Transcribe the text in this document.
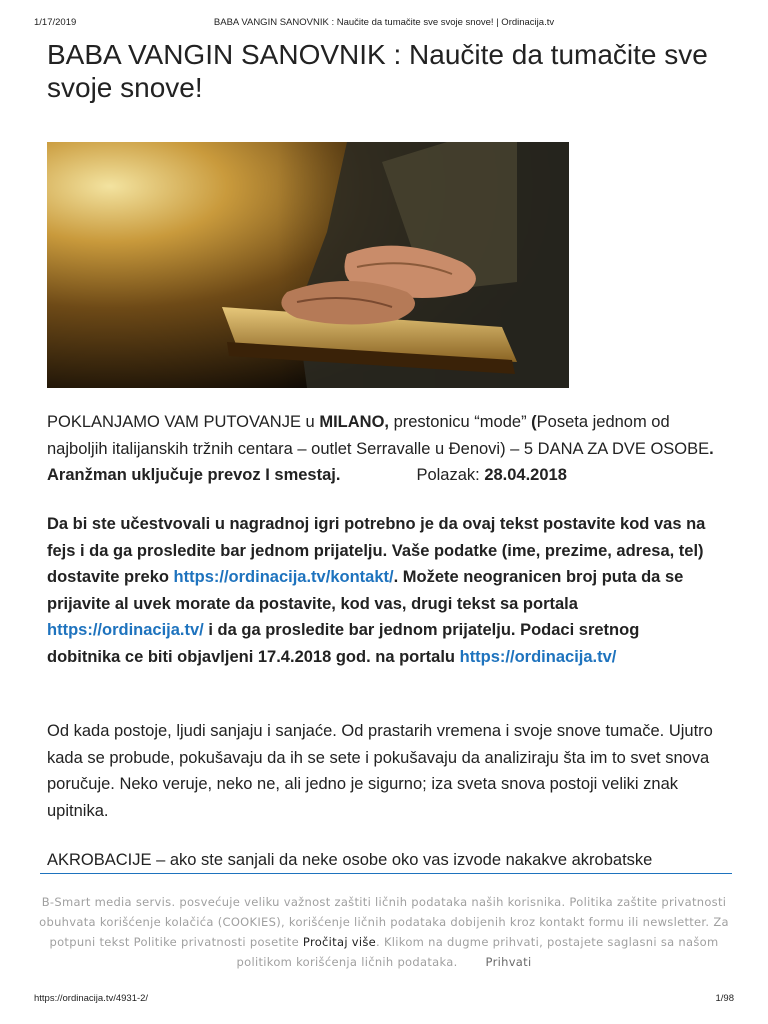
1/17/2019	BABA VANGIN SANOVNIK : Naučite da tumačite sve svoje snove! | Ordinacija.tv
BABA VANGIN SANOVNIK : Naučite da tumačite sve svoje snove!
POKLANJAMO VAM PUTOVANJE u MILANO, prestonicu “mode” (Poseta jednom od najboljih italijanskih tržnih centara – outlet Serravalle u Đenovi) – 5 DANA ZA DVE OSOBE. Aranžman uključuje prevoz I smestaj.	Polazak: 28.04.2018
Da bi ste učestvovali u nagradnoj igri potrebno je da ovaj tekst postavite kod vas na fejs i da ga prosledite bar jednom prijatelju. Vaše podatke (ime, prezime, adresa, tel) dostavite preko https://ordinacija.tv/kontakt/. Možete neogranicen broj puta da se prijavite al uvek morate da postavite, kod vas, drugi tekst sa portala https://ordinacija.tv/ i da ga prosledite bar jednom prijatelju. Podaci sretnog dobitnika ce biti objavljeni 17.4.2018 god. na portalu https://ordinacija.tv/
Od kada postoje, ljudi sanjaju i sanjaće. Od prastarih vremena i svoje snove tumače. Ujutro kada se probude, pokušavaju da ih se sete i pokušavaju da analiziraju šta im to svet snova poručuje. Neko veruje, neko ne, ali jedno je sigurno; iza sveta snova postoji veliki znak upitnika.
AKROBACIJE – ako ste sanjali da neke osobe oko vas izvode nakakve akrobatske
B-Smart media servis. posvećuje veliku važnost zaštiti ličnih podataka naših korisnika. Politika zaštite privatnosti obuhvata korišćenje kolačića (COOKIES), korišćenje ličnih podataka dobijenih kroz kontakt formu ili newsletter. Za potpuni tekst Politike privatnosti posetite Pročitaj više. Klikom na dugme prihvati, postajete saglasni sa našom politikom korišćenja ličnih podataka. Prihvati
https://ordinacija.tv/4931-2/	1/98
